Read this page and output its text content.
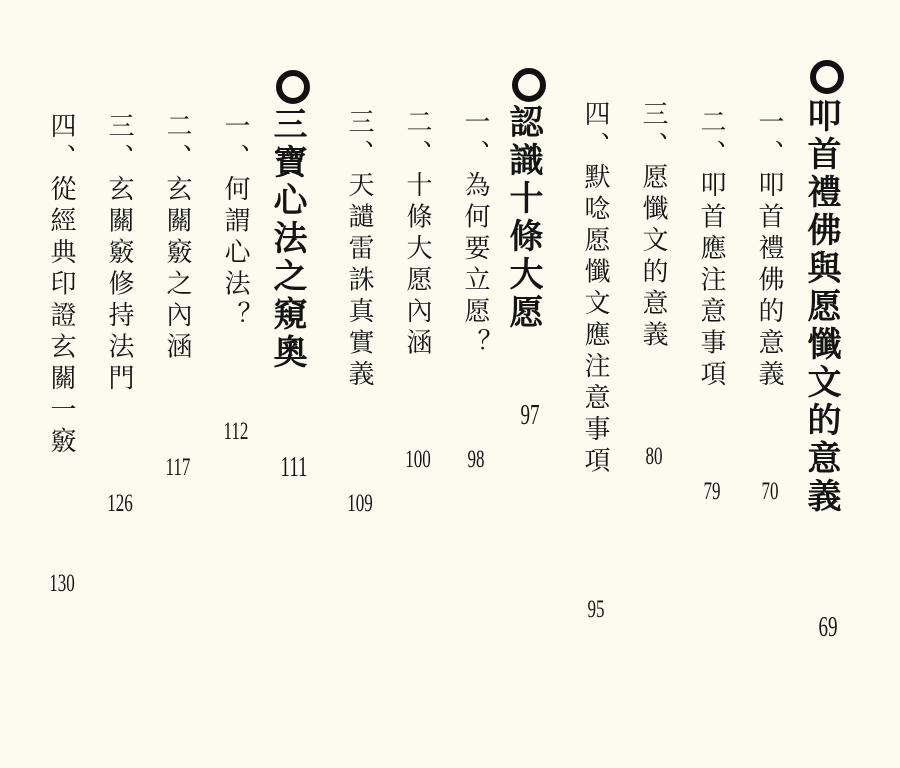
叩首禮佛與愿懺文的意義
69
一、叩首禮佛的意義
70
二、叩首應注意事項
79
三、愿懺文的意義
80
四、默唸愿懺文應注意事項
95
認識十條大愿
97
一、為何要立愿？
98
二、十條大愿內涵
100
三、天譴雷誅真實義
109
三寶心法之窺奧
111
一、何謂心法？
112
二、玄關竅之內涵
117
三、玄關竅修持法門
126
四、從經典印證玄關一竅
130
